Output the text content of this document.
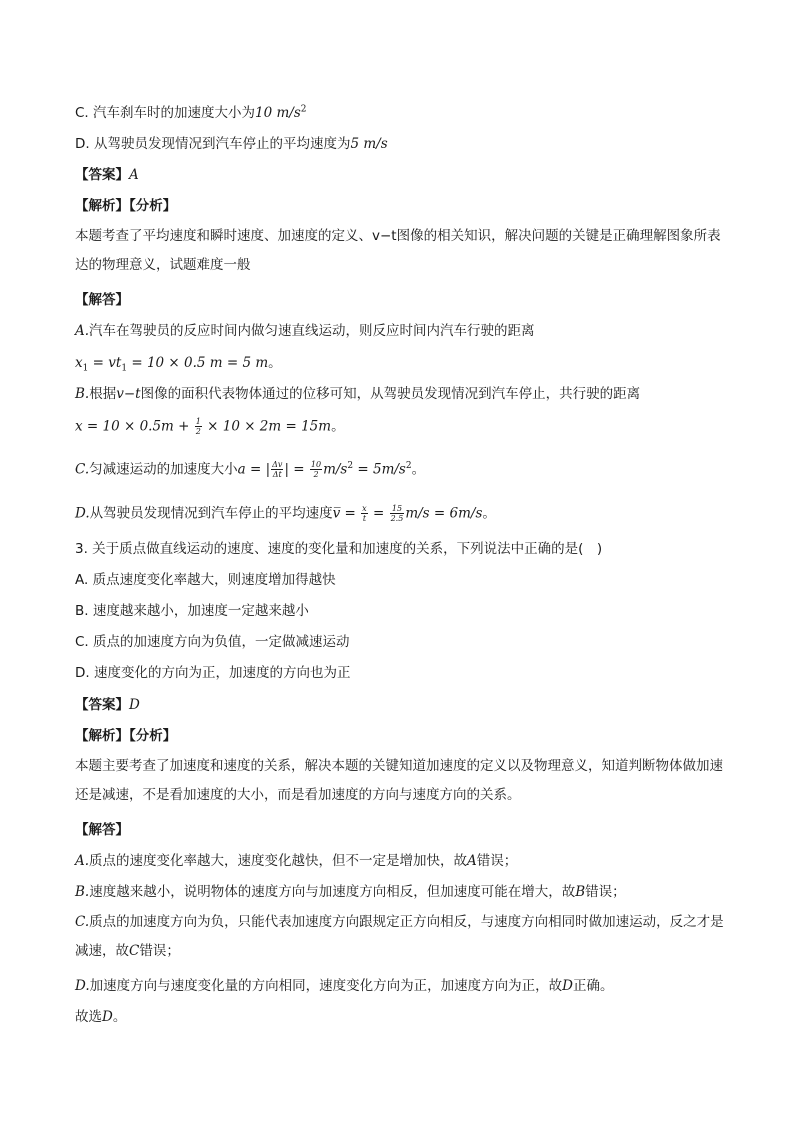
C. 汽车刹车时的加速度大小为10 $m/s^2$
D. 从驾驶员发现情况到汽车停止的平均速度为5 m/s
【答案】A
【解析】【分析】
本题考查了平均速度和瞬时速度、加速度的定义、v−t图像的相关知识，解决问题的关键是正确理解图象所表达的物理意义，试题难度一般
【解答】
A.汽车在驾驶员的反应时间内做匀速直线运动，则反应时间内汽车行驶的距离
$x_1 = vt_1 = 10 \times 0.5$ m = 5 m。
B.根据v−t图像的面积代表物体通过的位移可知，从驾驶员发现情况到汽车停止，共行驶的距离
$x = 10 \times 0.5m + \frac{1}{2} \times 10 \times 2m = 15m$。
C.匀减速运动的加速度大小a = | $\frac{\Delta v}{\Delta t}$ | = $\frac{10}{2} m/s^2 = 5m/s^2$。
D.从驾驶员发现情况到汽车停止的平均速度v̅ = $\frac{x}{t} = \frac{15}{2.5} m/s = 6m/s$。
3. 关于质点做直线运动的速度、速度的变化量和加速度的关系，下列说法中正确的是(　)
A. 质点速度变化率越大，则速度增加得越快
B. 速度越来越小，加速度一定越来越小
C. 质点的加速度方向为负值，一定做减速运动
D. 速度变化的方向为正，加速度的方向也为正
【答案】D
【解析】【分析】
本题主要考查了加速度和速度的关系，解决本题的关键知道加速度的定义以及物理意义，知道判断物体做加速还是减速，不是看加速度的大小，而是看加速度的方向与速度方向的关系。
【解答】
A.质点的速度变化率越大，速度变化越快，但不一定是增加快，故A错误；
B.速度越来越小，说明物体的速度方向与加速度方向相反，但加速度可能在增大，故B错误；
C.质点的加速度方向为负，只能代表加速度方向跟规定正方向相反，与速度方向相同时做加速运动，反之才是减速，故C错误；
D.加速度方向与速度变化量的方向相同，速度变化方向为正，加速度方向为正，故D正确。
故选D。
